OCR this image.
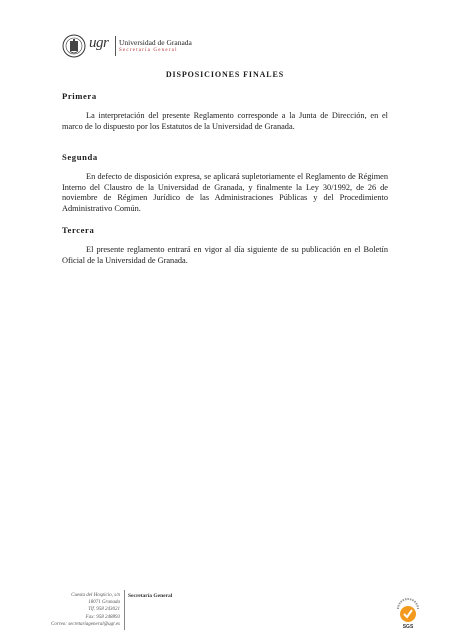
ugr Universidad de Granada
Secretaría General
DISPOSICIONES FINALES

Primera

La interpretación del presente Reglamento corresponde a la Junta de Dirección, en el marco de lo dispuesto por los Estatutos de la Universidad de Granada.

Segunda

En defecto de disposición expresa, se aplicará supletoriamente el Reglamento de Régimen Interno del Claustro de la Universidad de Granada, y finalmente la Ley 30/1992, de 26 de noviembre de Régimen Jurídico de las Administraciones Públicas y del Procedimiento Administrativo Común.

Tercera

El presente reglamento entrará en vigor al día siguiente de su publicación en el Boletín Oficial de la Universidad de Granada.

Cuesta del Hospicio, s/n
18071 Granada
Tlf. 958 243021
Fax: 958 248893
Correo: secretariageneral@ugr.es
Secretaría General
SGS
